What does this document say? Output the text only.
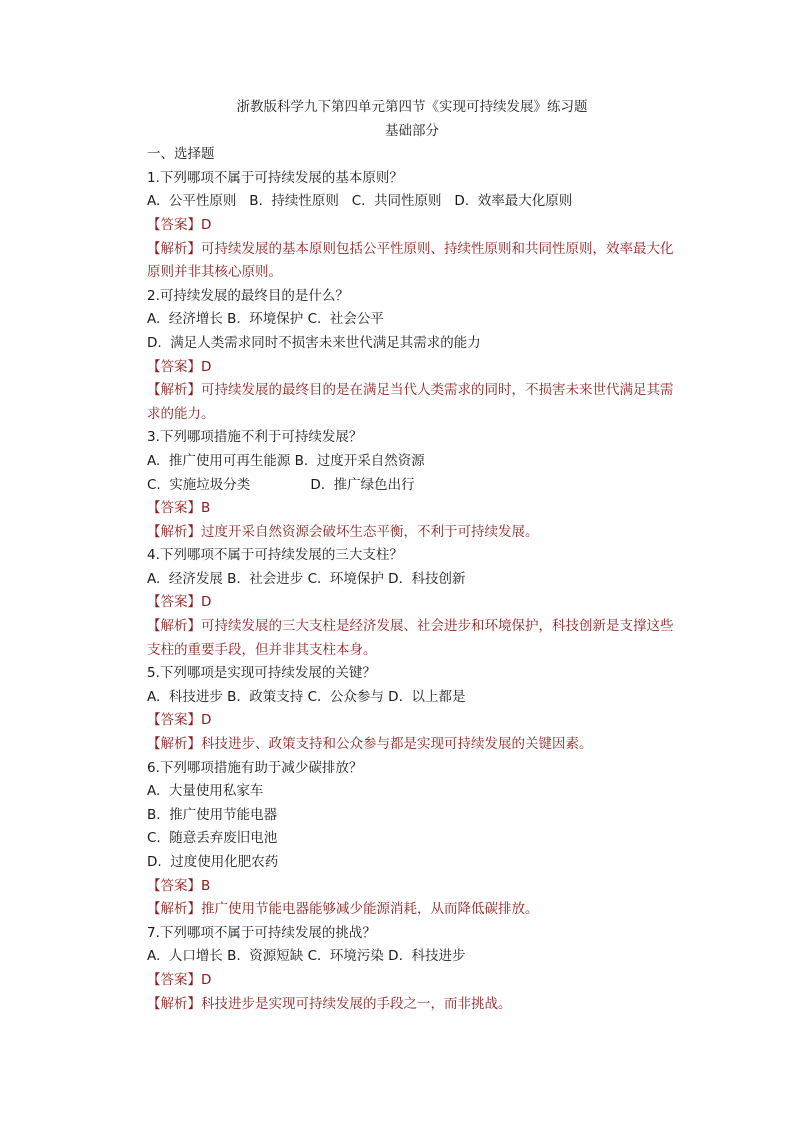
浙教版科学九下第四单元第四节《实现可持续发展》练习题
基础部分
一、选择题
1.下列哪项不属于可持续发展的基本原则？
A.  公平性原则   B.  持续性原则   C.  共同性原则   D.  效率最大化原则
【答案】D
【解析】可持续发展的基本原则包括公平性原则、持续性原则和共同性原则，效率最大化原则并非其核心原则。
2.可持续发展的最终目的是什么？
A.  经济增长 B.  环境保护 C.  社会公平
D.  满足人类需求同时不损害未来世代满足其需求的能力
【答案】D
【解析】可持续发展的最终目的是在满足当代人类需求的同时，不损害未来世代满足其需求的能力。
3.下列哪项措施不利于可持续发展？
A.  推广使用可再生能源 B.  过度开采自然资源
C.  实施垃圾分类              D.  推广绿色出行
【答案】B
【解析】过度开采自然资源会破坏生态平衡，不利于可持续发展。
4.下列哪项不属于可持续发展的三大支柱？
A.  经济发展 B.  社会进步 C.  环境保护 D.  科技创新
【答案】D
【解析】可持续发展的三大支柱是经济发展、社会进步和环境保护，科技创新是支撑这些支柱的重要手段，但并非其支柱本身。
5.下列哪项是实现可持续发展的关键？
A.  科技进步 B.  政策支持 C.  公众参与 D.  以上都是
【答案】D
【解析】科技进步、政策支持和公众参与都是实现可持续发展的关键因素。
6.下列哪项措施有助于减少碳排放？
A.  大量使用私家车
B.  推广使用节能电器
C.  随意丢弃废旧电池
D.  过度使用化肥农药
【答案】B
【解析】推广使用节能电器能够减少能源消耗，从而降低碳排放。
7.下列哪项不属于可持续发展的挑战？
A.  人口增长 B.  资源短缺 C.  环境污染 D.  科技进步
【答案】D
【解析】科技进步是实现可持续发展的手段之一，而非挑战。
